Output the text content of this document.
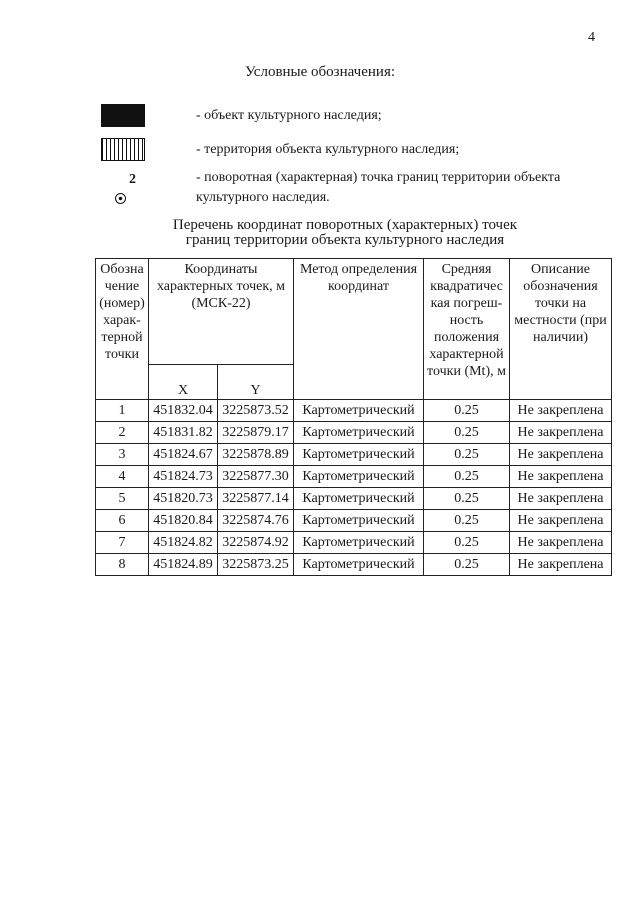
4
Условные обозначения:
- объект культурного наследия;
- территория объекта культурного наследия;
2	- поворотная (характерная) точка границ территории объекта культурного наследия.
Перечень координат поворотных (характерных) точек
границ территории объекта культурного наследия
Обозна чение (номер) харак-терной точки	Координаты характерных точек, м (МСК-22)		Метод определения координат	Средняя квадратичес кая погреш-ность положения характерной точки (Mt), м	Описание обозначения точки на местности (при наличии)
	X	Y			
1	451832.04	3225873.52	Картометрический	0.25	Не закреплена
2	451831.82	3225879.17	Картометрический	0.25	Не закреплена
3	451824.67	3225878.89	Картометрический	0.25	Не закреплена
4	451824.73	3225877.30	Картометрический	0.25	Не закреплена
5	451820.73	3225877.14	Картометрический	0.25	Не закреплена
6	451820.84	3225874.76	Картометрический	0.25	Не закреплена
7	451824.82	3225874.92	Картометрический	0.25	Не закреплена
8	451824.89	3225873.25	Картометрический	0.25	Не закреплена
